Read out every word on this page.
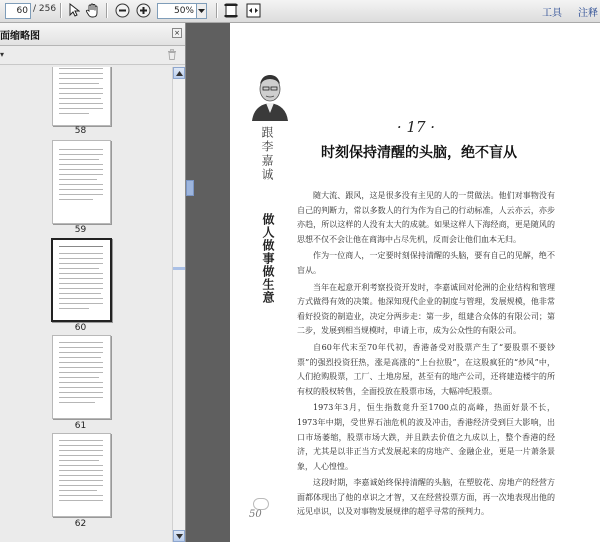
60 / 256	50%	工具 注释
面缩略图	×
▾
58
59
60
61
62
跟李嘉诚
做人做事做生意
· 17 ·
时刻保持清醒的头脑，绝不盲从

随大流、跟风，这是很多没有主见的人的一贯做法。他们对事物没有自己的判断力，常以多数人的行为作为自己的行动标准，人云亦云，亦步亦趋，所以这样的人没有太大的成就。如果这样人下海经商，更是随风的思想不仅不会让他在商海中占尽先机，反而会让他们血本无归。

作为一位商人，一定要时刻保持清醒的头脑，要有自己的见解，绝不盲从。

当年在起意开利考察投资开发时，李嘉诚回对伦洲的企业结构和管理方式做得有效的决策。他深知现代企业的制度与管理，发展规模，他非常看好投资的制造业，决定分两步走：第一步，组建合众体的有限公司；第二步，发展到相当规模时，申请上市，成为公众性的有限公司。

自60年代末至70年代初，香港备受对股票产生了“要股票不要钞票”的强烈投资狂热，涨是高涨的“上台拉股”，在这股疯狂的“炒风”中，人们抢购股票，工厂、土地房屋，甚至有的地产公司，还将建造楼宇的所有权的股权转售，全面投放在股票市场，大幅冲纪股票。

1973年3月，恒生指数竟升至1700点的高峰，热面好景不长，1973年中期，受世界石油危机的波及冲击，香港经济受到巨大影响，出口市场萎缩，股票市场大跌，并且跌去价值之九成以上，整个香港的经济，尤其是以非正当方式发展起来的房地产、金融企业，更是一片萧条景象，人心惶惶。

这段时期，李嘉诚始终保持清醒的头脑，在塑胶花、房地产的经营方面都体现出了他的卓识之才智，又在经营投票方面，再一次地表现出他的远见卓识，以及对事物发展规律的超乎寻常的预判力。

50
